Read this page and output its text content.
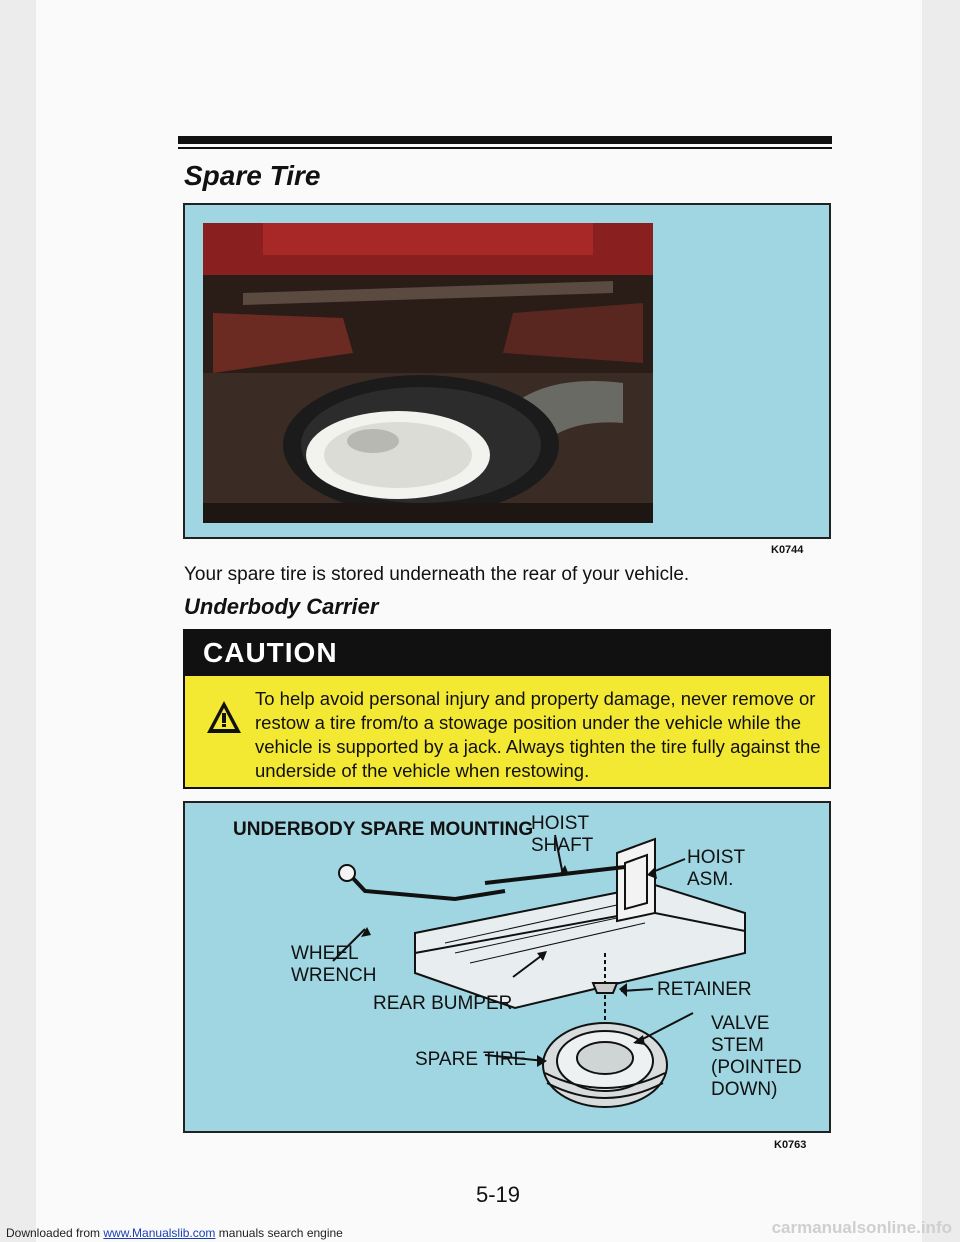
Spare Tire
K0744

Your spare tire is stored underneath the rear of your vehicle.

Underbody Carrier
CAUTION

To help avoid personal injury and property damage, never remove or restow a tire from/to a stowage position under the vehicle while the vehicle is supported by a jack. Always tighten the tire fully against the underside of the vehicle when restowing.

UNDERBODY SPARE MOUNTING
HOIST
SHAFT
HOIST
ASM.
WHEEL
WRENCH
REAR BUMPER
RETAINER
VALVE
STEM
(POINTED
DOWN)
SPARE TIRE
K0763
5-19
Downloaded from www.Manualslib.com manuals search engine	carmanualsonline.info
